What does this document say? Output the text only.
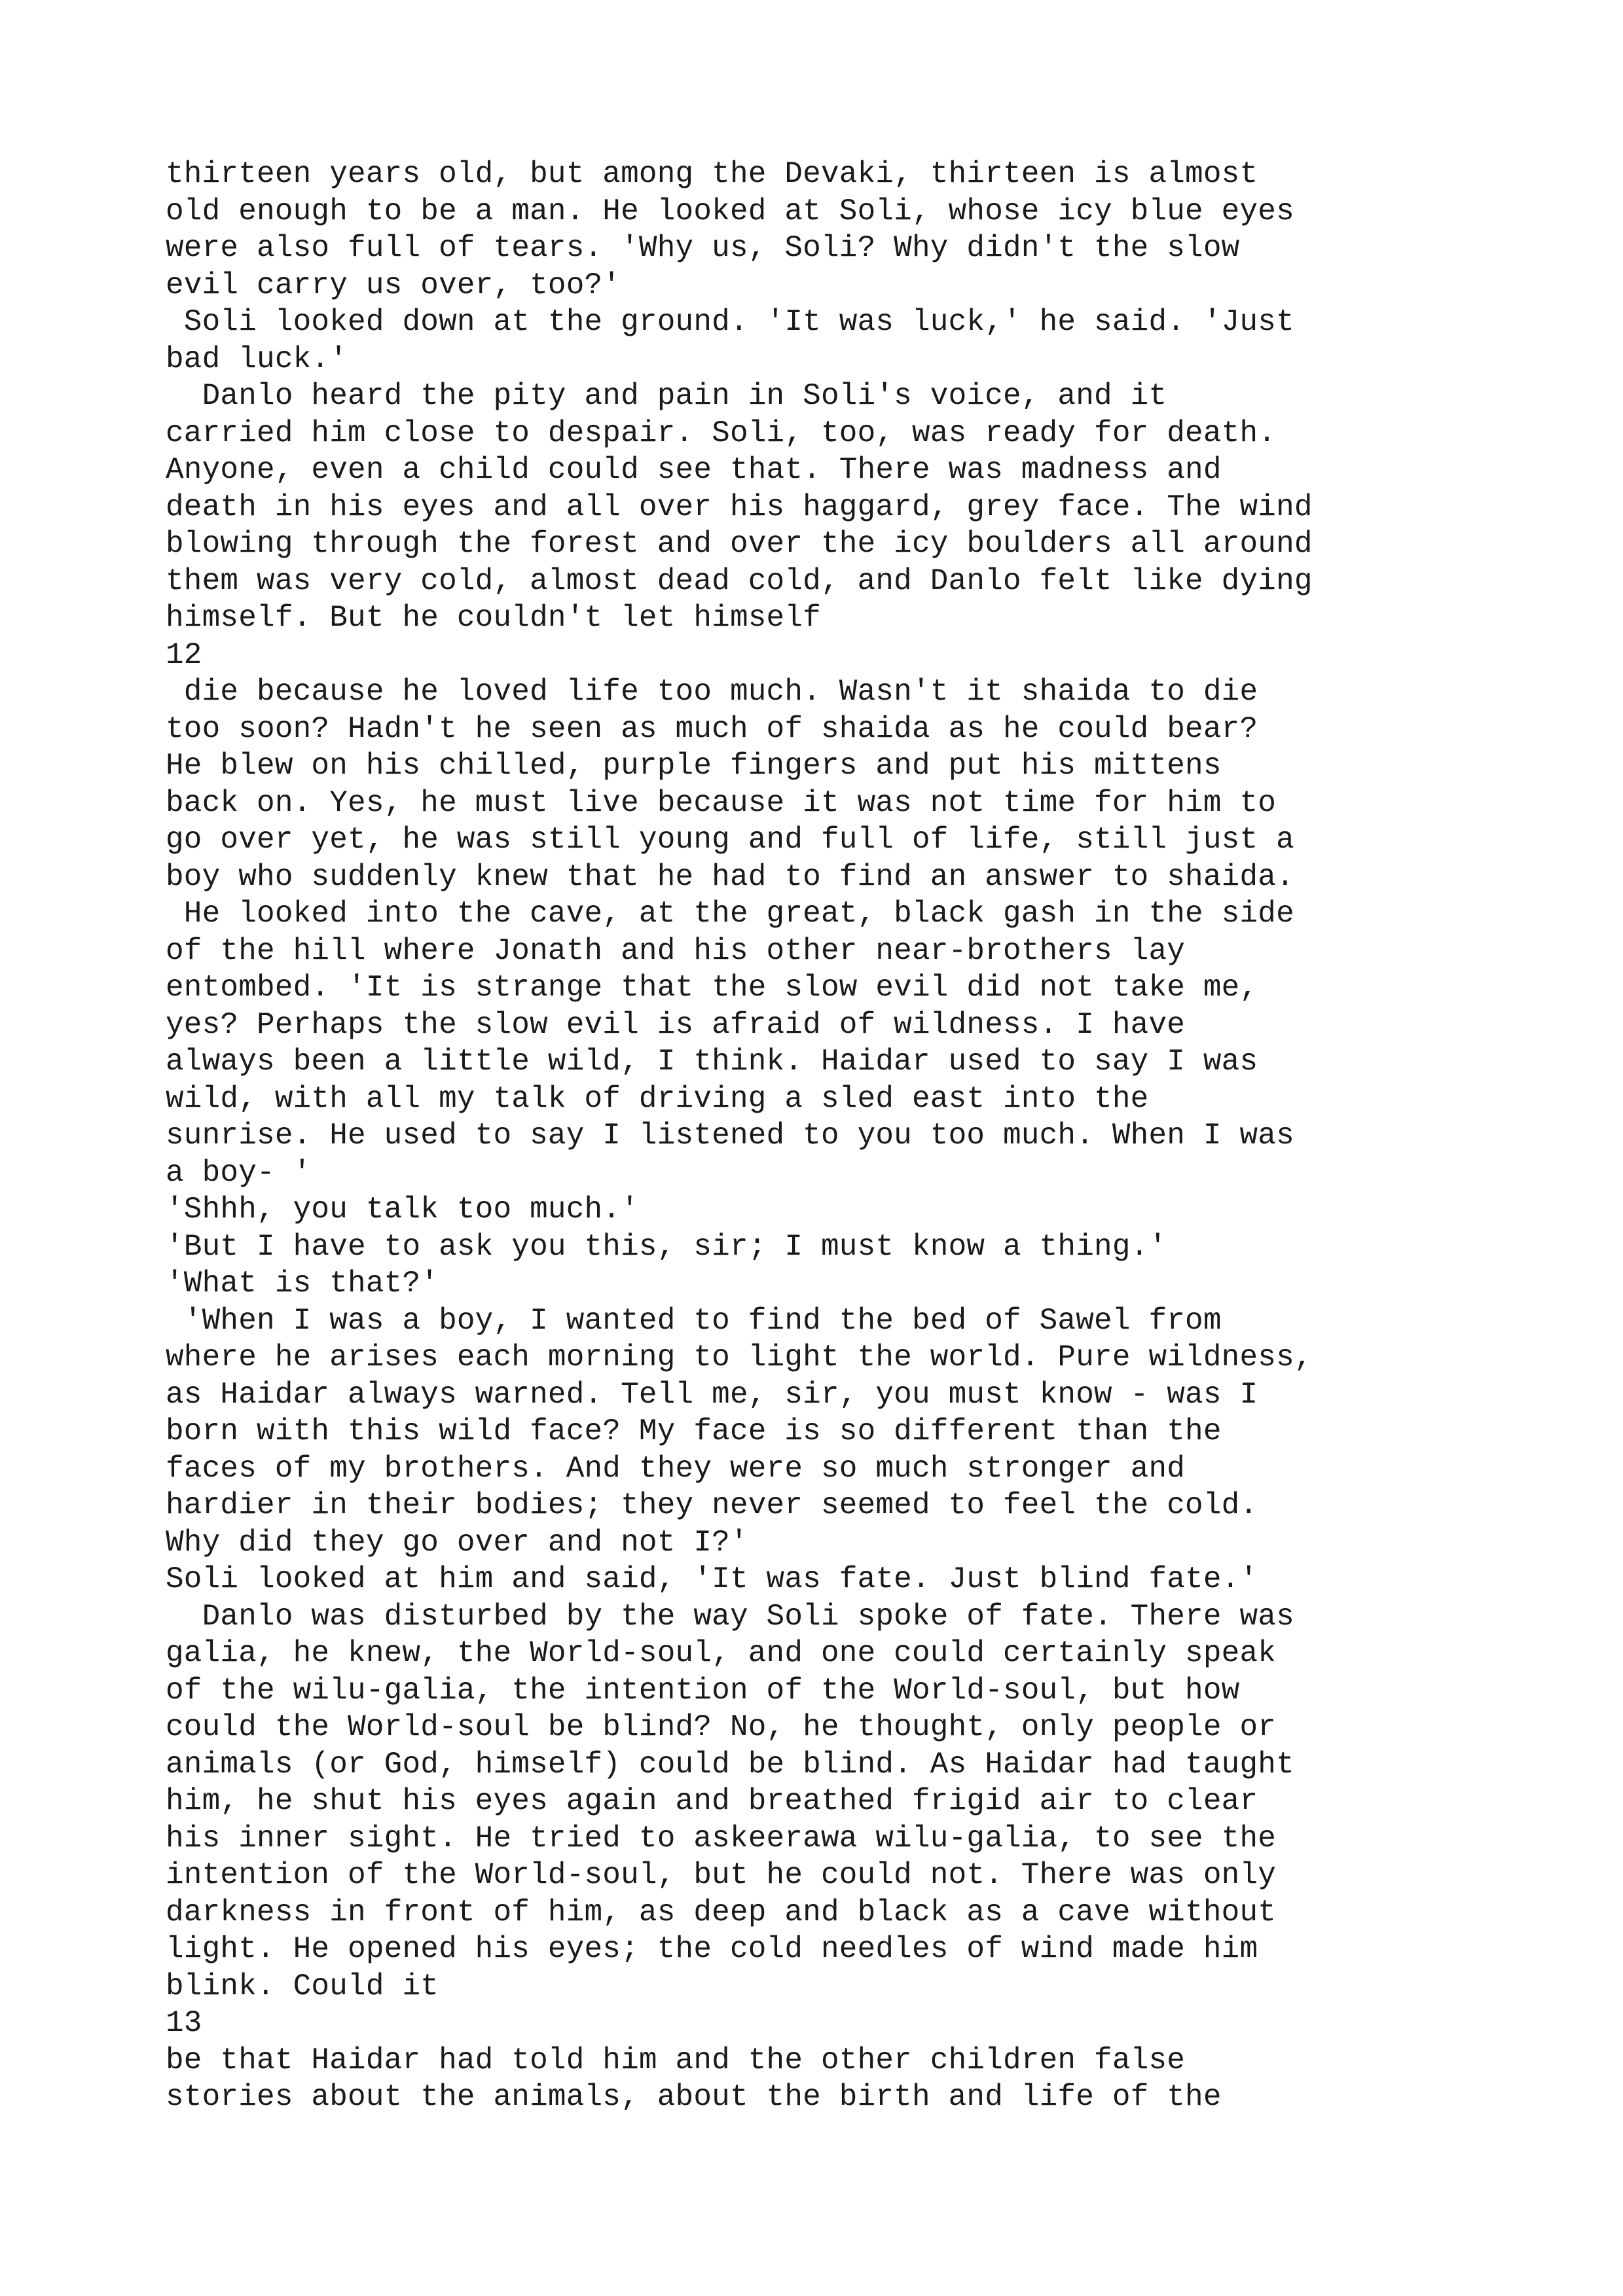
thirteen years old, but among the Devaki, thirteen is almost
old enough to be a man. He looked at Soli, whose icy blue eyes
were also full of tears. 'Why us, Soli? Why didn't the slow
evil carry us over, too?'
Soli looked down at the ground. 'It was luck,' he said. 'Just
bad luck.'
Danlo heard the pity and pain in Soli's voice, and it
carried him close to despair. Soli, too, was ready for death.
Anyone, even a child could see that. There was madness and
death in his eyes and all over his haggard, grey face. The wind
blowing through the forest and over the icy boulders all around
them was very cold, almost dead cold, and Danlo felt like dying
himself. But he couldn't let himself
12
die because he loved life too much. Wasn't it shaida to die
too soon? Hadn't he seen as much of shaida as he could bear?
He blew on his chilled, purple fingers and put his mittens
back on. Yes, he must live because it was not time for him to
go over yet, he was still young and full of life, still just a
boy who suddenly knew that he had to find an answer to shaida.
He looked into the cave, at the great, black gash in the side
of the hill where Jonath and his other near-brothers lay
entombed. 'It is strange that the slow evil did not take me,
yes? Perhaps the slow evil is afraid of wildness. I have
always been a little wild, I think. Haidar used to say I was
wild, with all my talk of driving a sled east into the
sunrise. He used to say I listened to you too much. When I was
a boy- '
'Shhh, you talk too much.'
'But I have to ask you this, sir; I must know a thing.'
'What is that?'
'When I was a boy, I wanted to find the bed of Sawel from
where he arises each morning to light the world. Pure wildness,
as Haidar always warned. Tell me, sir, you must know - was I
born with this wild face? My face is so different than the
faces of my brothers. And they were so much stronger and
hardier in their bodies; they never seemed to feel the cold.
Why did they go over and not I?'
Soli looked at him and said, 'It was fate. Just blind fate.'
Danlo was disturbed by the way Soli spoke of fate. There was
galia, he knew, the World-soul, and one could certainly speak
of the wilu-galia, the intention of the World-soul, but how
could the World-soul be blind? No, he thought, only people or
animals (or God, himself) could be blind. As Haidar had taught
him, he shut his eyes again and breathed frigid air to clear
his inner sight. He tried to askeerawa wilu-galia, to see the
intention of the World-soul, but he could not. There was only
darkness in front of him, as deep and black as a cave without
light. He opened his eyes; the cold needles of wind made him
blink. Could it
13
be that Haidar had told him and the other children false
stories about the animals, about the birth and life of the
